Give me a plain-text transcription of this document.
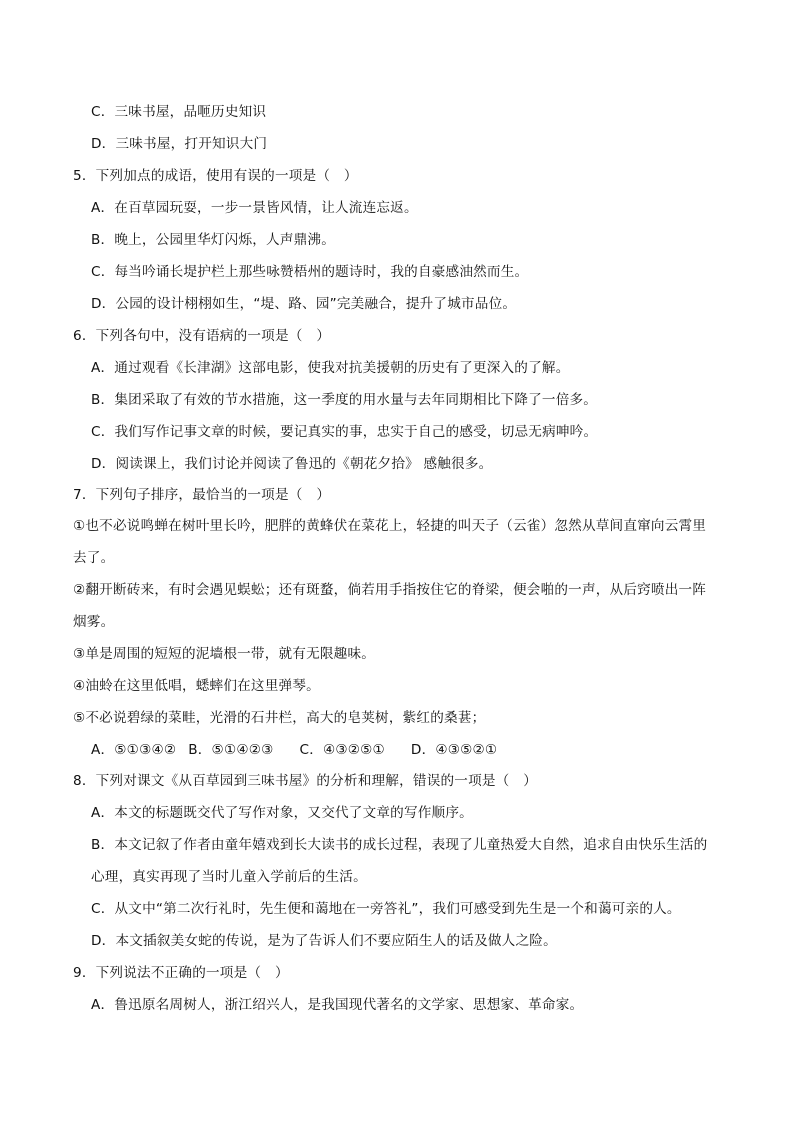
C．三味书屋，品咂历史知识
D．三味书屋，打开知识大门
5．下列加点的成语，使用有误的一项是（　）
A．在百草园玩耍，一步一景皆风情，让人流连忘返。
B．晚上，公园里华灯闪烁，人声鼎沸。
C．每当吟诵长堤护栏上那些咏赞梧州的题诗时，我的自豪感油然而生。
D．公园的设计栩栩如生，“堤、路、园”完美融合，提升了城市品位。
6．下列各句中，没有语病的一项是（　）
A．通过观看《长津湖》这部电影，使我对抗美援朝的历史有了更深入的了解。
B．集团采取了有效的节水措施，这一季度的用水量与去年同期相比下降了一倍多。
C．我们写作记事文章的时候，要记真实的事，忠实于自己的感受，切忌无病呻吟。
D．阅读课上，我们讨论并阅读了鲁迅的《朝花夕拾》 感触很多。
7．下列句子排序，最恰当的一项是（　）
①也不必说鸣蝉在树叶里长吟，肥胖的黄蜂伏在菜花上，轻捷的叫天子（云雀）忽然从草间直窜向云霄里
去了。
②翻开断砖来，有时会遇见蜈蚣；还有斑蝥，倘若用手指按住它的脊梁，便会啪的一声，从后窍喷出一阵
烟雾。
③单是周围的短短的泥墙根一带，就有无限趣味。
④油蛉在这里低唱，蟋蟀们在这里弹琴。
⑤不必说碧绿的菜畦，光滑的石井栏，高大的皂荚树，紫红的桑葚；
A．⑤①③④② B．⑤①④②③ C．④③②⑤① D．④③⑤②①
8．下列对课文《从百草园到三味书屋》的分析和理解，错误的一项是（　）
A．本文的标题既交代了写作对象，又交代了文章的写作顺序。
B．本文记叙了作者由童年嬉戏到长大读书的成长过程，表现了儿童热爱大自然，追求自由快乐生活的
心理，真实再现了当时儿童入学前后的生活。
C．从文中“第二次行礼时，先生便和蔼地在一旁答礼”，我们可感受到先生是一个和蔼可亲的人。
D．本文插叙美女蛇的传说，是为了告诉人们不要应陌生人的话及做人之险。
9．下列说法不正确的一项是（　）
A．鲁迅原名周树人，浙江绍兴人，是我国现代著名的文学家、思想家、革命家。
